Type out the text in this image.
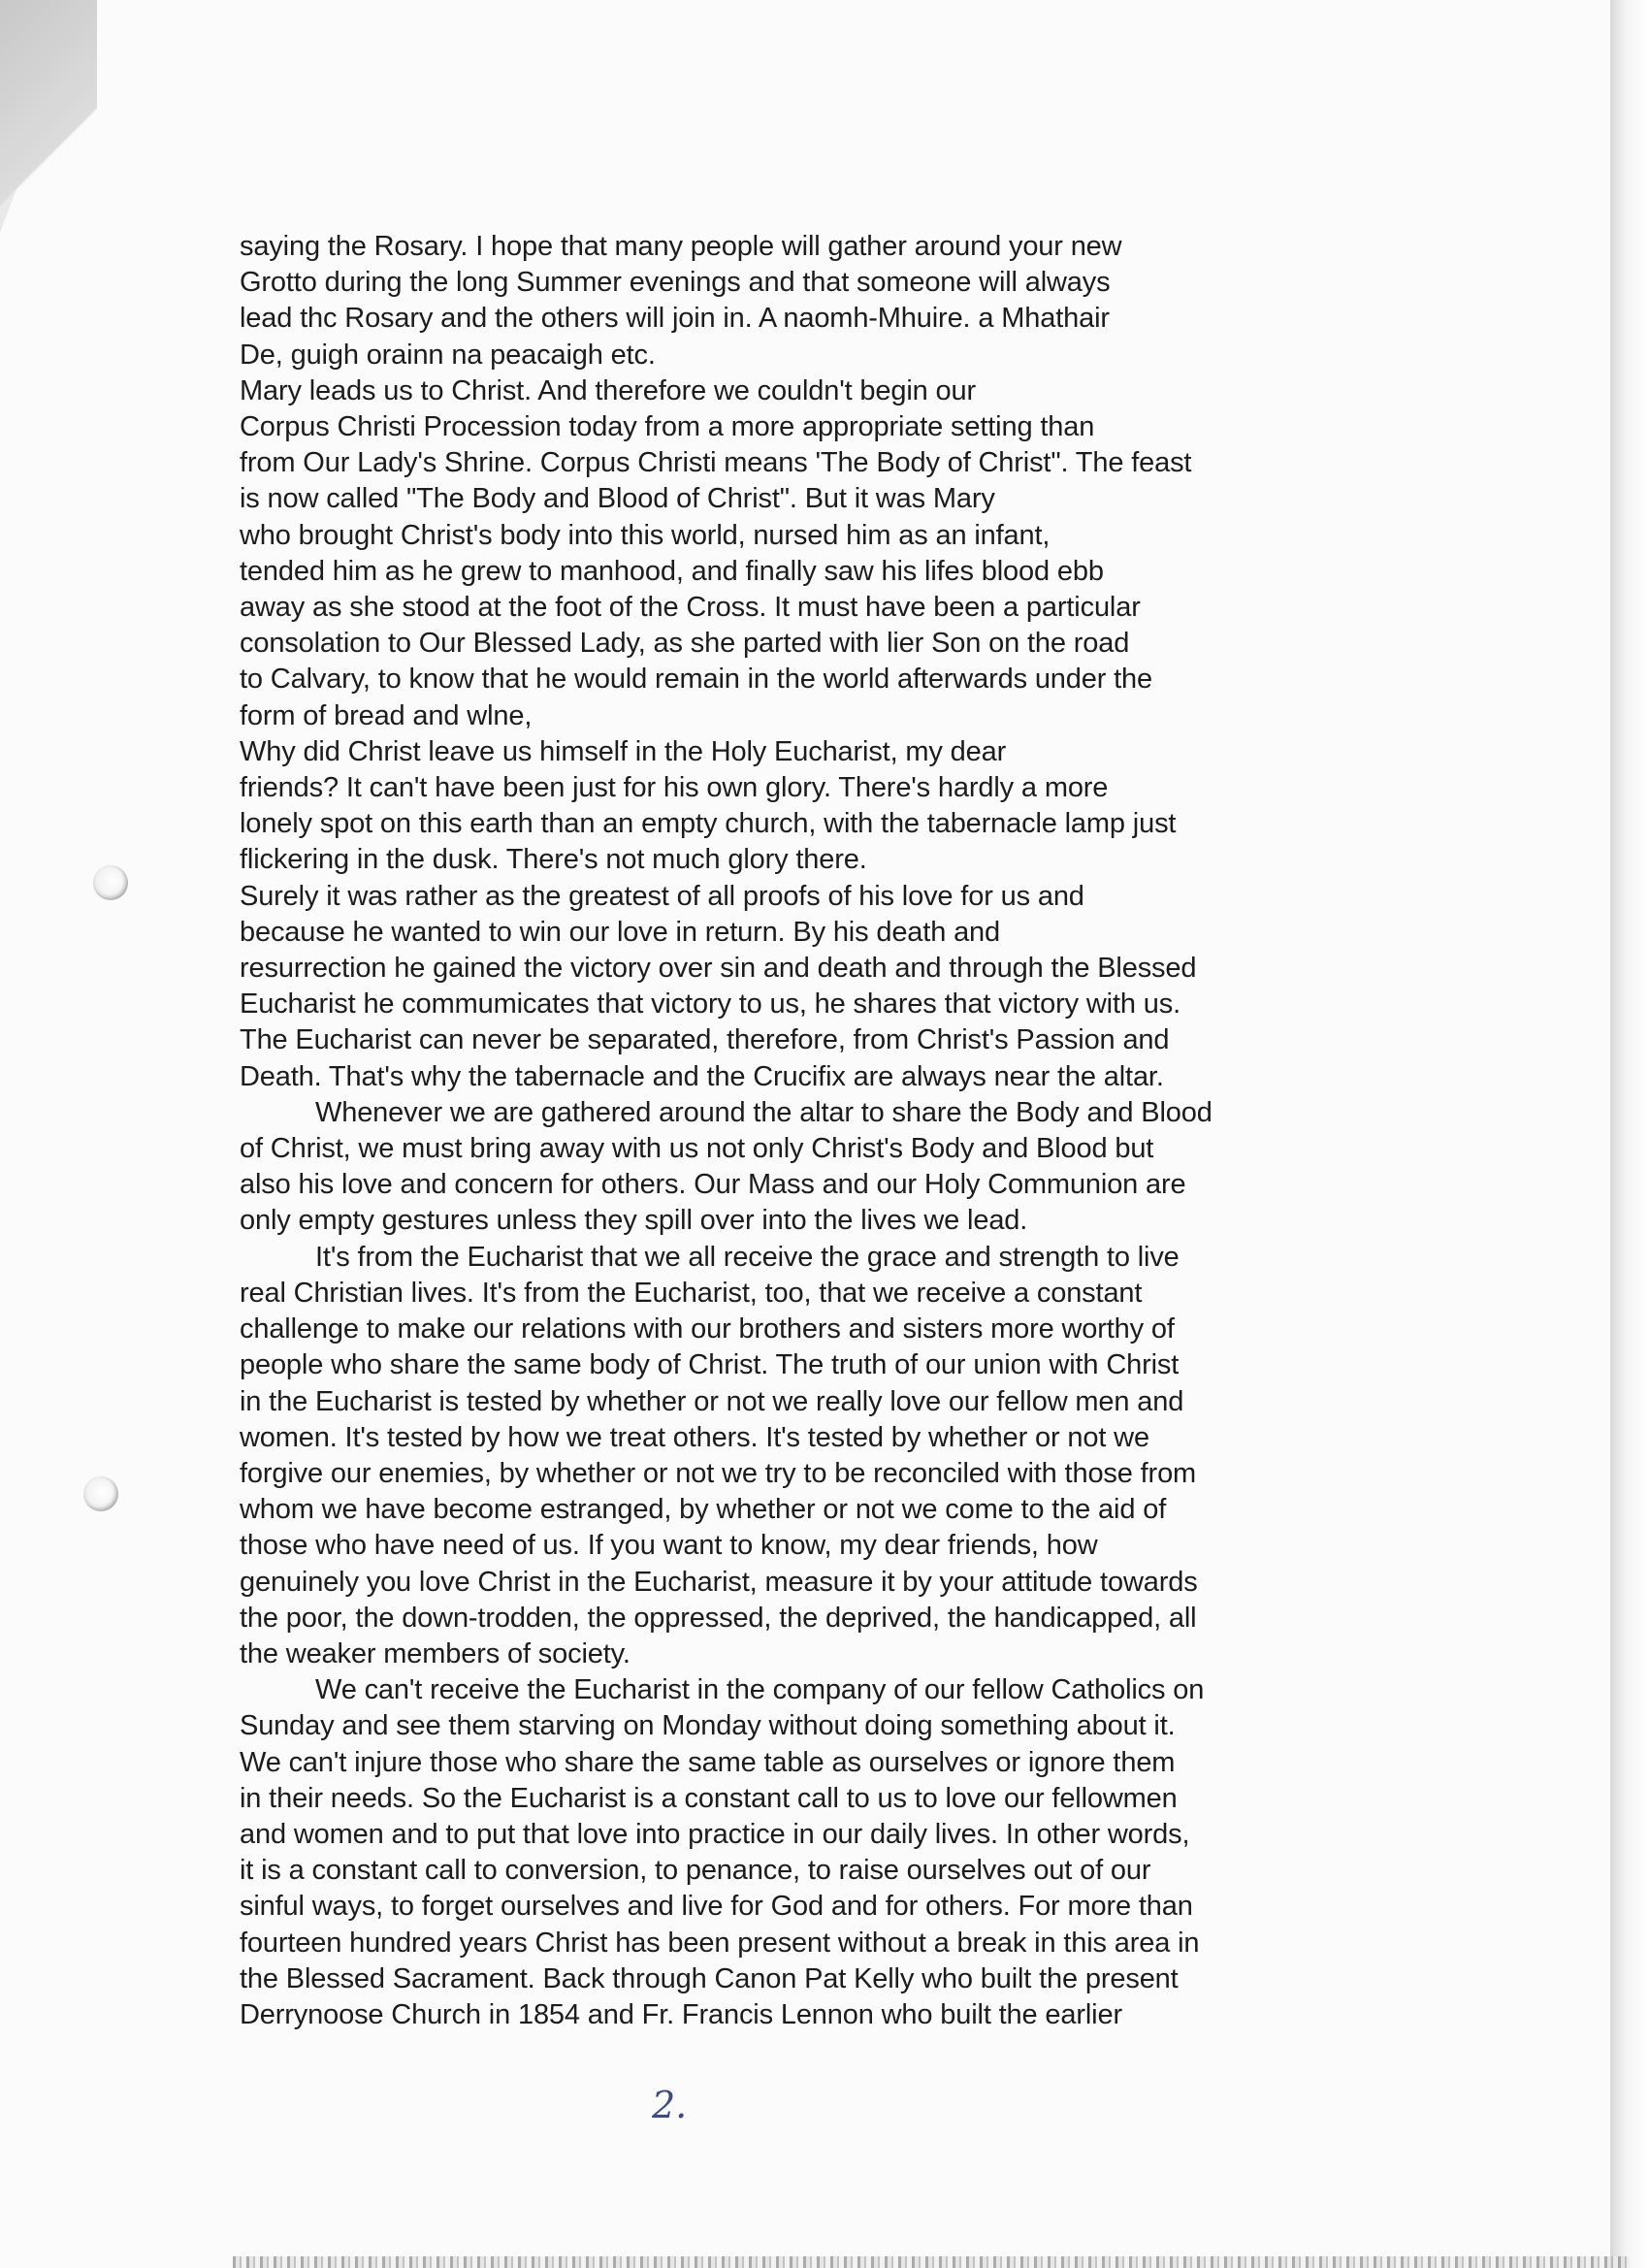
saying the Rosary. I hope that many people will gather around your new
Grotto during the long Summer evenings and that someone will always
lead thc Rosary and the others will join in. A naomh-Mhuire. a Mhathair
De, guigh orainn na peacaigh etc.
Mary leads us to Christ. And therefore we couldn't begin our
Corpus Christi Procession today from a more appropriate setting than
from Our Lady's Shrine. Corpus Christi means 'The Body of Christ". The feast
is now called "The Body and Blood of Christ". But it was Mary
who brought Christ's body into this world, nursed him as an infant,
tended him as he grew to manhood, and finally saw his lifes blood ebb
away as she stood at the foot of the Cross. It must have been a particular
consolation to Our Blessed Lady, as she parted with lier Son on the road
to Calvary, to know that he would remain in the world afterwards under the
form of bread and wlne,
Why did Christ leave us himself in the Holy Eucharist, my dear
friends? It can't have been just for his own glory. There's hardly a more
lonely spot on this earth than an empty church, with the tabernacle lamp just
flickering in the dusk. There's not much glory there.
Surely it was rather as the greatest of all proofs of his love for us and
because he wanted to win our love in return. By his death and
resurrection he gained the victory over sin and death and through the Blessed
Eucharist he commumicates that victory to us, he shares that victory with us.
The Eucharist can never be separated, therefore, from Christ's Passion and
Death. That's why the tabernacle and the Crucifix are always near the altar.
Whenever we are gathered around the altar to share the Body and Blood
of Christ, we must bring away with us not only Christ's Body and Blood but
also his love and concern for others. Our Mass and our Holy Communion are
only empty gestures unless they spill over into the lives we lead.
It's from the Eucharist that we all receive the grace and strength to live
real Christian lives. It's from the Eucharist, too, that we receive a constant
challenge to make our relations with our brothers and sisters more worthy of
people who share the same body of Christ. The truth of our union with Christ
in the Eucharist is tested by whether or not we really love our fellow men and
women. It's tested by how we treat others. It's tested by whether or not we
forgive our enemies, by whether or not we try to be reconciled with those from
whom we have become estranged, by whether or not we come to the aid of
those who have need of us. If you want to know, my dear friends, how
genuinely you love Christ in the Eucharist, measure it by your attitude towards
the poor, the down-trodden, the oppressed, the deprived, the handicapped, all
the weaker members of society.
We can't receive the Eucharist in the company of our fellow Catholics on
Sunday and see them starving on Monday without doing something about it.
We can't injure those who share the same table as ourselves or ignore them
in their needs. So the Eucharist is a constant call to us to love our fellowmen
and women and to put that love into practice in our daily lives. In other words,
it is a constant call to conversion, to penance, to raise ourselves out of our
sinful ways, to forget ourselves and live for God and for others. For more than
fourteen hundred years Christ has been present without a break in this area in
the Blessed Sacrament. Back through Canon Pat Kelly who built the present
Derrynoose Church in 1854 and Fr. Francis Lennon who built the earlier
2.
